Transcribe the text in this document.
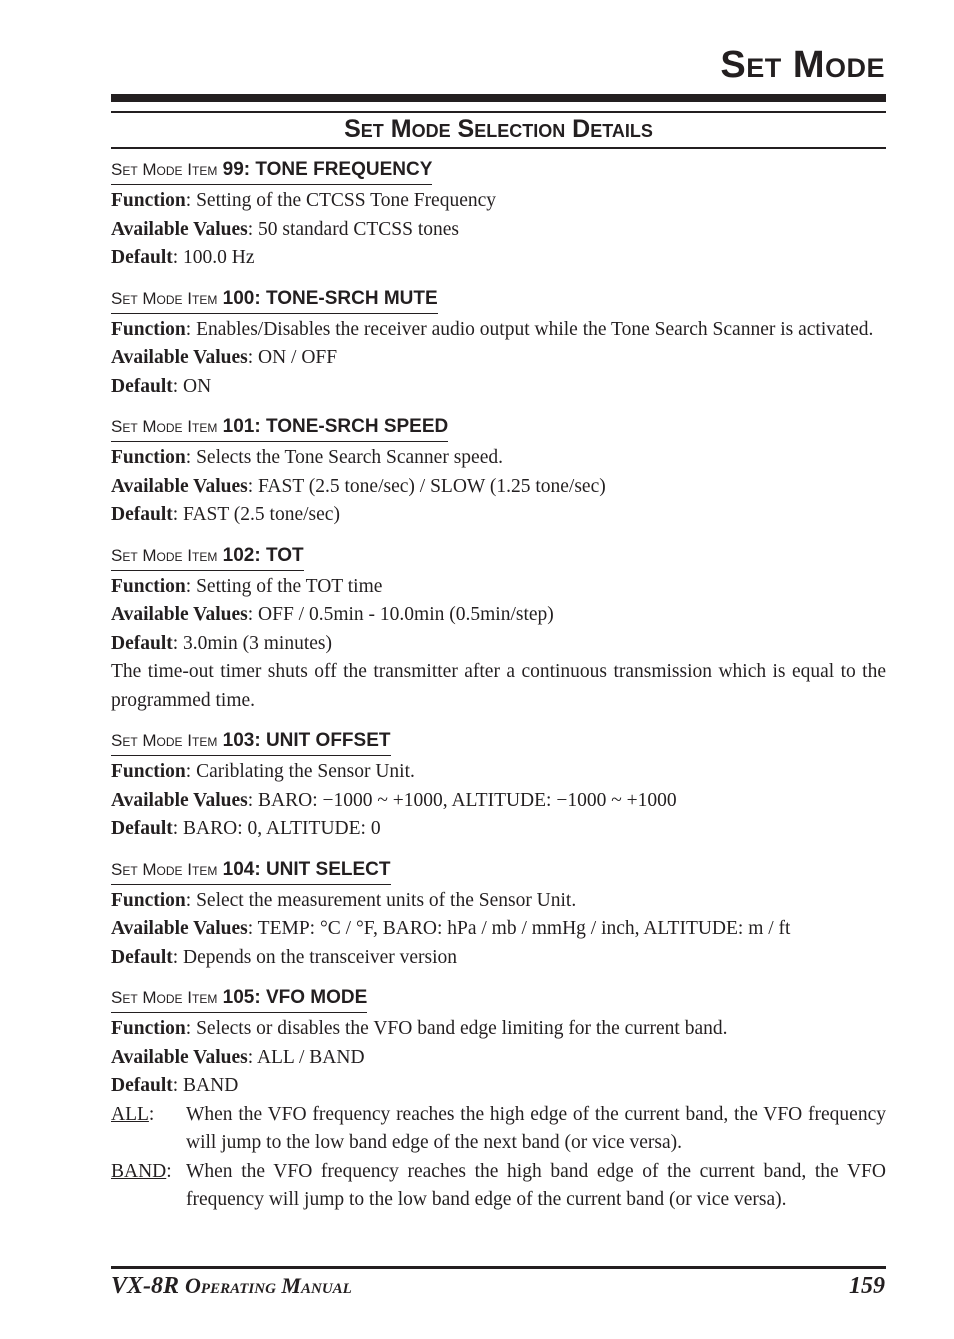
Set Mode
Set Mode Selection Details
Set Mode Item 99: TONE FREQUENCY
Function: Setting of the CTCSS Tone Frequency
Available Values: 50 standard CTCSS tones
Default: 100.0 Hz
Set Mode Item 100: TONE-SRCH MUTE
Function: Enables/Disables the receiver audio output while the Tone Search Scanner is activated.
Available Values: ON / OFF
Default: ON
Set Mode Item 101: TONE-SRCH SPEED
Function: Selects the Tone Search Scanner speed.
Available Values: FAST (2.5 tone/sec) / SLOW (1.25 tone/sec)
Default: FAST (2.5 tone/sec)
Set Mode Item 102: TOT
Function: Setting of the TOT time
Available Values: OFF / 0.5min - 10.0min (0.5min/step)
Default: 3.0min (3 minutes)
The time-out timer shuts off the transmitter after a continuous transmission which is equal to the programmed time.
Set Mode Item 103: UNIT OFFSET
Function: Cariblating the Sensor Unit.
Available Values: BARO: −1000 ~ +1000, ALTITUDE: −1000 ~ +1000
Default: BARO: 0, ALTITUDE: 0
Set Mode Item 104: UNIT SELECT
Function: Select the measurement units of the Sensor Unit.
Available Values: TEMP: °C / °F, BARO: hPa / mb / mmHg / inch, ALTITUDE: m / ft
Default: Depends on the transceiver version
Set Mode Item 105: VFO MODE
Function: Selects or disables the VFO band edge limiting for the current band.
Available Values: ALL / BAND
Default: BAND
ALL:	When the VFO frequency reaches the high edge of the current band, the VFO frequency will jump to the low band edge of the next band (or vice versa).
BAND: When the VFO frequency reaches the high band edge of the current band, the VFO frequency will jump to the low band edge of the current band (or vice versa).
VX-8R Operating Manual	159
